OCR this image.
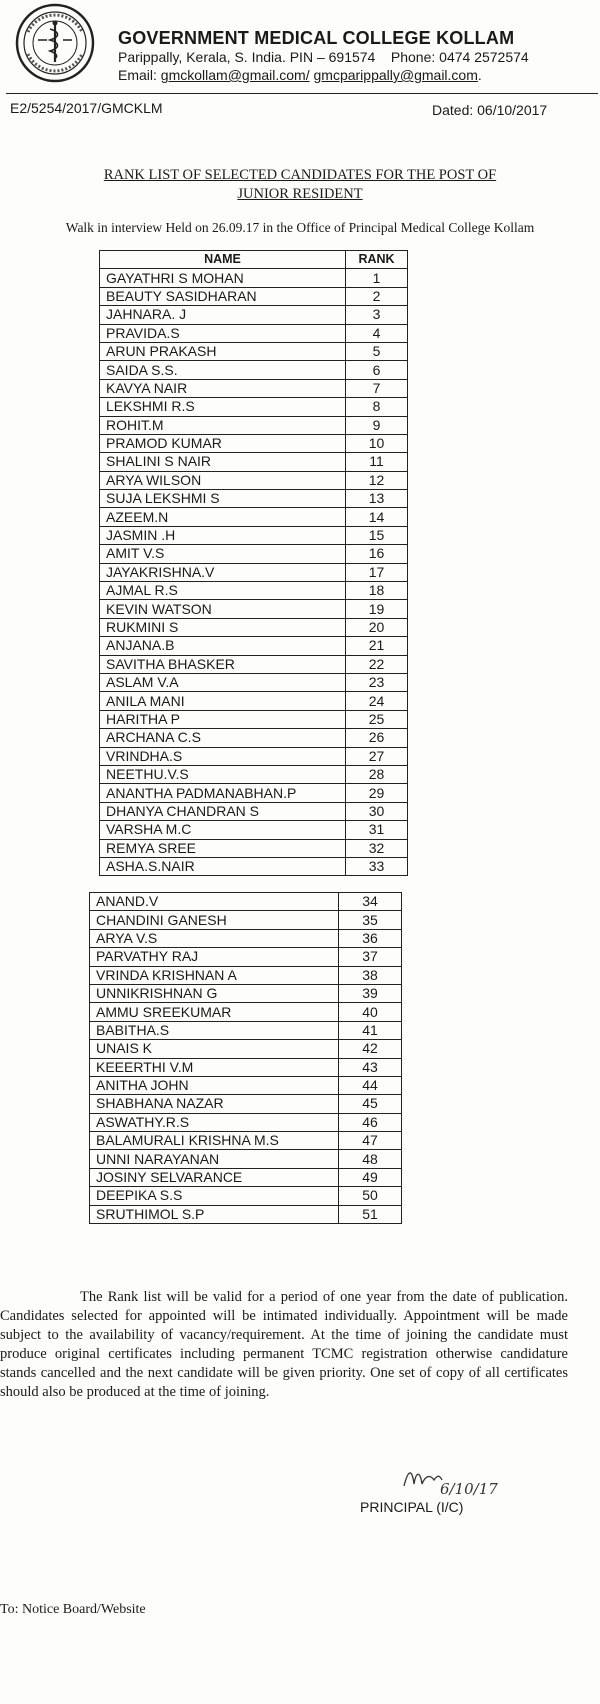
GOVERNMENT MEDICAL COLLEGE KOLLAM
Parippally, Kerala, S. India. PIN – 691574    Phone: 0474 2572574
Email: gmckollam@gmail.com/ gmcparippally@gmail.com.
E2/5254/2017/GMCKLM	Dated: 06/10/2017
RANK LIST OF SELECTED CANDIDATES FOR THE POST OF
JUNIOR RESIDENT
Walk in interview Held on 26.09.17 in the Office of Principal Medical College Kollam
NAME	RANK
GAYATHRI S MOHAN	1
BEAUTY SASIDHARAN	2
JAHNARA. J	3
PRAVIDA.S	4
ARUN PRAKASH	5
SAIDA S.S.	6
KAVYA NAIR	7
LEKSHMI R.S	8
ROHIT.M	9
PRAMOD KUMAR	10
SHALINI S NAIR	11
ARYA WILSON	12
SUJA LEKSHMI S	13
AZEEM.N	14
JASMIN .H	15
AMIT V.S	16
JAYAKRISHNA.V	17
AJMAL R.S	18
KEVIN WATSON	19
RUKMINI S	20
ANJANA.B	21
SAVITHA BHASKER	22
ASLAM V.A	23
ANILA MANI	24
HARITHA P	25
ARCHANA C.S	26
VRINDHA.S	27
NEETHU.V.S	28
ANANTHA PADMANABHAN.P	29
DHANYA CHANDRAN S	30
VARSHA M.C	31
REMYA SREE	32
ASHA.S.NAIR	33
ANAND.V	34
CHANDINI GANESH	35
ARYA V.S	36
PARVATHY RAJ	37
VRINDA KRISHNAN A	38
UNNIKRISHNAN G	39
AMMU SREEKUMAR	40
BABITHA.S	41
UNAIS K	42
KEEERTHI V.M	43
ANITHA JOHN	44
SHABHANA NAZAR	45
ASWATHY.R.S	46
BALAMURALI KRISHNA M.S	47
UNNI NARAYANAN	48
JOSINY SELVARANCE	49
DEEPIKA S.S	50
SRUTHIMOL S.P	51

The Rank list will be valid for a period of one year from the date of publication. Candidates selected for appointed will be intimated individually. Appointment will be made subject to the availability of vacancy/requirement. At the time of joining the candidate must produce original certificates including permanent TCMC registration otherwise candidature stands cancelled and the next candidate will be given priority. One set of copy of all certificates should also be produced at the time of joining.

6/10/17
PRINCIPAL (I/C)
To: Notice Board/Website
